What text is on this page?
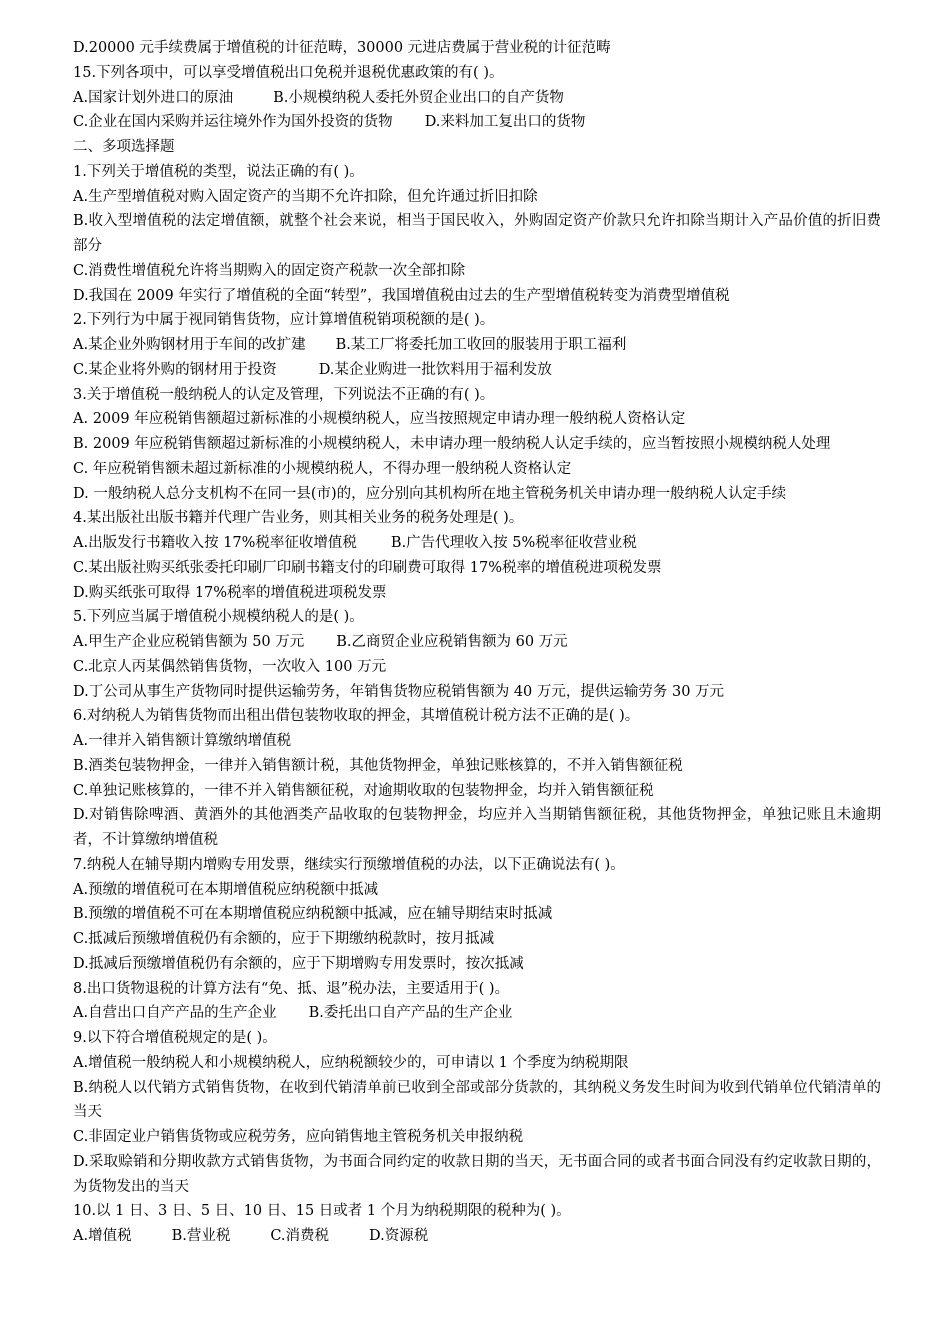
D.20000 元手续费属于增值税的计征范畴，30000 元进店费属于营业税的计征范畴
15.下列各项中，可以享受增值税出口免税并退税优惠政策的有( )。
A.国家计划外进口的原油	B.小规模纳税人委托外贸企业出口的自产货物
C.企业在国内采购并运往境外作为国外投资的货物 D.来料加工复出口的货物
二、多项选择题
1.下列关于增值税的类型，说法正确的有( )。
A.生产型增值税对购入固定资产的当期不允许扣除，但允许通过折旧扣除
B.收入型增值税的法定增值额，就整个社会来说，相当于国民收入，外购固定资产价款只允许扣除当期计入产品价值的折旧费部分
C.消费性增值税允许将当期购入的固定资产税款一次全部扣除
D.我国在 2009 年实行了增值税的全面“转型”，我国增值税由过去的生产型增值税转变为消费型增值税
2.下列行为中属于视同销售货物，应计算增值税销项税额的是( )。
A.某企业外购钢材用于车间的改扩建 B.某工厂将委托加工收回的服装用于职工福利
C.某企业将外购的钢材用于投资	D.某企业购进一批饮料用于福利发放
3.关于增值税一般纳税人的认定及管理，下列说法不正确的有( )。
A. 2009 年应税销售额超过新标准的小规模纳税人，应当按照规定申请办理一般纳税人资格认定
B. 2009 年应税销售额超过新标准的小规模纳税人，未申请办理一般纳税人认定手续的，应当暂按照小规模纳税人处理
C. 年应税销售额未超过新标准的小规模纳税人，不得办理一般纳税人资格认定
D. 一般纳税人总分支机构不在同一县(市)的，应分别向其机构所在地主管税务机关申请办理一般纳税人认定手续
4.某出版社出版书籍并代理广告业务，则其相关业务的税务处理是( )。
A.出版发行书籍收入按 17%税率征收增值税 B.广告代理收入按 5%税率征收营业税
C.某出版社购买纸张委托印刷厂印刷书籍支付的印刷费可取得 17%税率的增值税进项税发票
D.购买纸张可取得 17%税率的增值税进项税发票
5.下列应当属于增值税小规模纳税人的是( )。
A.甲生产企业应税销售额为 50 万元 B.乙商贸企业应税销售额为 60 万元
C.北京人丙某偶然销售货物，一次收入 100 万元
D.丁公司从事生产货物同时提供运输劳务，年销售货物应税销售额为 40 万元，提供运输劳务 30 万元
6.对纳税人为销售货物而出租出借包装物收取的押金，其增值税计税方法不正确的是( )。
A.一律并入销售额计算缴纳增值税
B.酒类包装物押金，一律并入销售额计税，其他货物押金，单独记账核算的，不并入销售额征税
C.单独记账核算的，一律不并入销售额征税，对逾期收取的包装物押金，均并入销售额征税
D.对销售除啤酒、黄酒外的其他酒类产品收取的包装物押金，均应并入当期销售额征税，其他货物押金，单独记账且未逾期者，不计算缴纳增值税
7.纳税人在辅导期内增购专用发票，继续实行预缴增值税的办法，以下正确说法有( )。
A.预缴的增值税可在本期增值税应纳税额中抵减
B.预缴的增值税不可在本期增值税应纳税额中抵减，应在辅导期结束时抵减
C.抵减后预缴增值税仍有余额的，应于下期缴纳税款时，按月抵减
D.抵减后预缴增值税仍有余额的，应于下期增购专用发票时，按次抵减
8.出口货物退税的计算方法有“免、抵、退”税办法，主要适用于( )。
A.自营出口自产产品的生产企业 B.委托出口自产产品的生产企业
9.以下符合增值税规定的是( )。
A.增值税一般纳税人和小规模纳税人，应纳税额较少的，可申请以 1 个季度为纳税期限
B.纳税人以代销方式销售货物，在收到代销清单前已收到全部或部分货款的，其纳税义务发生时间为收到代销单位代销清单的当天
C.非固定业户销售货物或应税劳务，应向销售地主管税务机关申报纳税
D.采取赊销和分期收款方式销售货物，为书面合同约定的收款日期的当天，无书面合同的或者书面合同没有约定收款日期的，为货物发出的当天
10.以 1 日、3 日、5 日、10 日、15 日或者 1 个月为纳税期限的税种为( )。
A.增值税	B.营业税	C.消费税	D.资源税
